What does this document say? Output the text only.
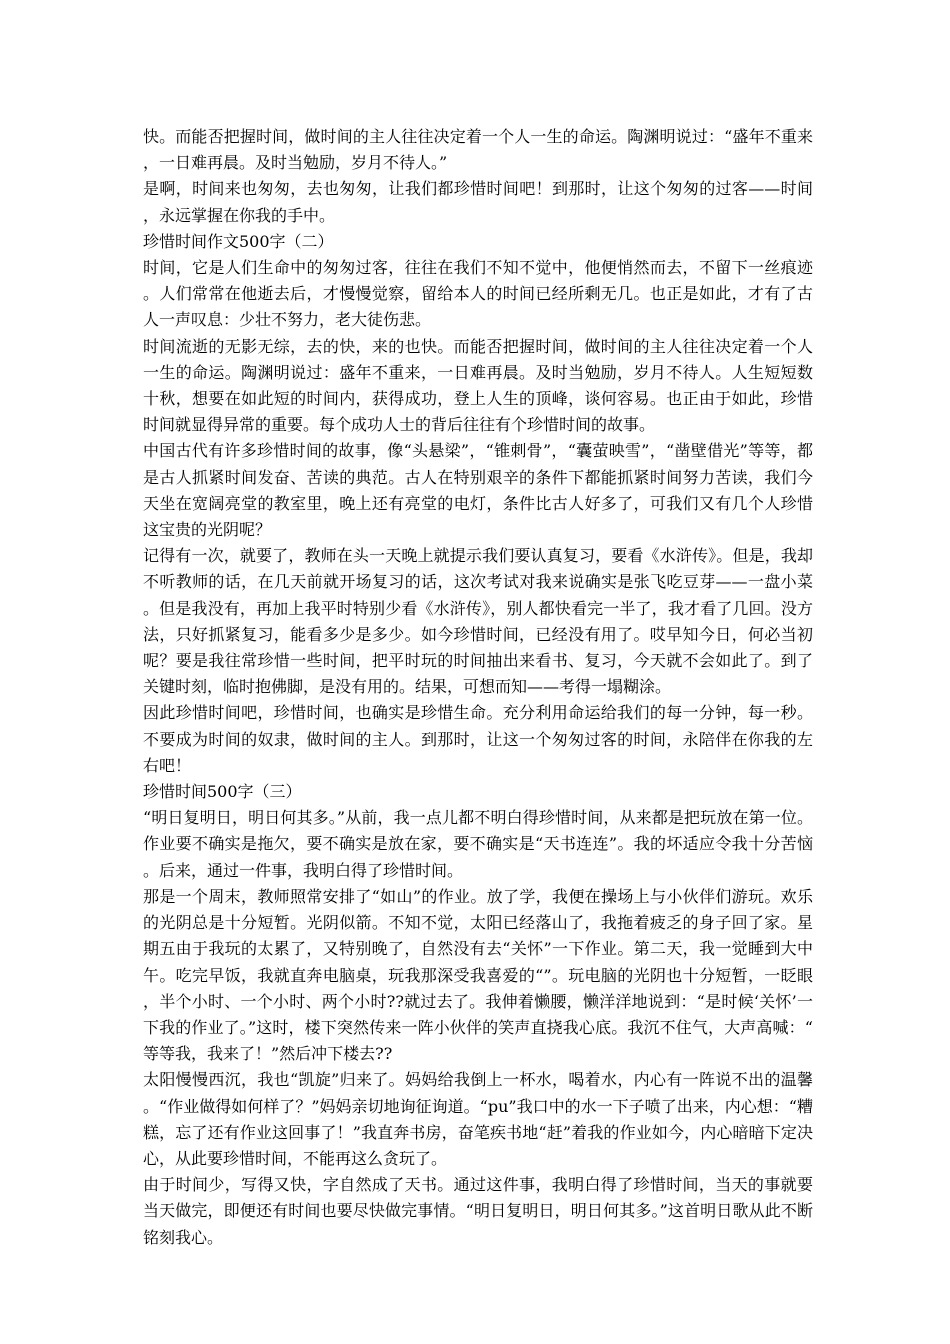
快。而能否把握时间，做时间的主人往往决定着一个人一生的命运。陶渊明说过：“盛年不重来，一日难再晨。及时当勉励，岁月不待人。”

是啊，时间来也匆匆，去也匆匆，让我们都珍惜时间吧！到那时，让这个匆匆的过客——时间，永远掌握在你我的手中。

珍惜时间作文500字（二）

时间，它是人们生命中的匆匆过客，往往在我们不知不觉中，他便悄然而去，不留下一丝痕迹。人们常常在他逝去后，才慢慢觉察，留给本人的时间已经所剩无几。也正是如此，才有了古人一声叹息：少壮不努力，老大徒伤悲。

时间流逝的无影无综，去的快，来的也快。而能否把握时间，做时间的主人往往决定着一个人一生的命运。陶渊明说过：盛年不重来，一日难再晨。及时当勉励，岁月不待人。人生短短数十秋，想要在如此短的时间内，获得成功，登上人生的顶峰，谈何容易。也正由于如此，珍惜时间就显得异常的重要。每个成功人士的背后往往有个珍惜时间的故事。

中国古代有许多珍惜时间的故事，像“头悬梁”，“锥刺骨”，“囊萤映雪”，“凿壁借光”等等，都是古人抓紧时间发奋、苦读的典范。古人在特别艰辛的条件下都能抓紧时间努力苦读，我们今天坐在宽阔亮堂的教室里，晚上还有亮堂的电灯，条件比古人好多了，可我们又有几个人珍惜这宝贵的光阴呢？

记得有一次，就要了，教师在头一天晚上就提示我们要认真复习，要看《水浒传》。但是，我却不听教师的话，在几天前就开场复习的话，这次考试对我来说确实是张飞吃豆芽——一盘小菜。但是我没有，再加上我平时特别少看《水浒传》，别人都快看完一半了，我才看了几回。没方法，只好抓紧复习，能看多少是多少。如今珍惜时间，已经没有用了。哎早知今日，何必当初呢？要是我往常珍惜一些时间，把平时玩的时间抽出来看书、复习，今天就不会如此了。到了关键时刻，临时抱佛脚，是没有用的。结果，可想而知——考得一塌糊涂。

因此珍惜时间吧，珍惜时间，也确实是珍惜生命。充分利用命运给我们的每一分钟，每一秒。不要成为时间的奴隶，做时间的主人。到那时，让这一个匆匆过客的时间，永陪伴在你我的左右吧！

珍惜时间500字（三）

“明日复明日，明日何其多。”从前，我一点儿都不明白得珍惜时间，从来都是把玩放在第一位。作业要不确实是拖欠，要不确实是放在家，要不确实是“天书连连”。我的坏适应令我十分苦恼。后来，通过一件事，我明白得了珍惜时间。

那是一个周末，教师照常安排了“如山”的作业。放了学，我便在操场上与小伙伴们游玩。欢乐的光阴总是十分短暂。光阴似箭。不知不觉，太阳已经落山了，我拖着疲乏的身子回了家。星期五由于我玩的太累了，又特别晚了，自然没有去“关怀”一下作业。第二天，我一觉睡到大中午。吃完早饭，我就直奔电脑桌，玩我那深受我喜爱的“”。玩电脑的光阴也十分短暂，一眨眼，半个小时、一个小时、两个小时??就过去了。我伸着懒腰，懒洋洋地说到：“是时候‘关怀’一下我的作业了。”这时，楼下突然传来一阵小伙伴的笑声直挠我心底。我沉不住气，大声高喊：“等等我，我来了！”然后冲下楼去??

太阳慢慢西沉，我也“凯旋”归来了。妈妈给我倒上一杯水，喝着水，内心有一阵说不出的温馨。“作业做得如何样了？”妈妈亲切地询征询道。“pu”我口中的水一下子喷了出来，内心想：“糟糕，忘了还有作业这回事了！”我直奔书房，奋笔疾书地“赶”着我的作业如今，内心暗暗下定决心，从此要珍惜时间，不能再这么贪玩了。

由于时间少，写得又快，字自然成了天书。通过这件事，我明白得了珍惜时间，当天的事就要当天做完，即便还有时间也要尽快做完事情。“明日复明日，明日何其多。”这首明日歌从此不断铭刻我心。
